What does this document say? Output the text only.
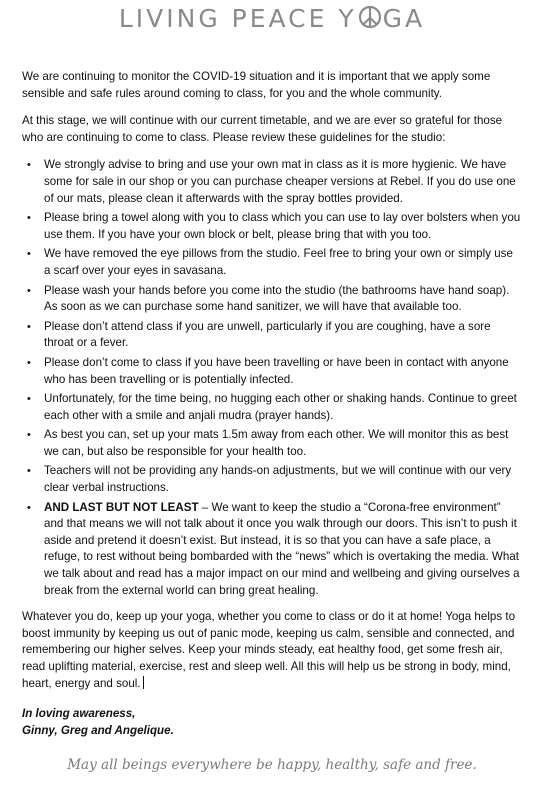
LIVING PEACE Y GA

We are continuing to monitor the COVID-19 situation and it is important that we apply some sensible and safe rules around coming to class, for you and the whole community.

At this stage, we will continue with our current timetable, and we are ever so grateful for those who are continuing to come to class. Please review these guidelines for the studio:

• We strongly advise to bring and use your own mat in class as it is more hygienic. We have some for sale in our shop or you can purchase cheaper versions at Rebel. If you do use one of our mats, please clean it afterwards with the spray bottles provided.
• Please bring a towel along with you to class which you can use to lay over bolsters when you use them. If you have your own block or belt, please bring that with you too.
• We have removed the eye pillows from the studio. Feel free to bring your own or simply use a scarf over your eyes in savasana.
• Please wash your hands before you come into the studio (the bathrooms have hand soap). As soon as we can purchase some hand sanitizer, we will have that available too.
• Please don’t attend class if you are unwell, particularly if you are coughing, have a sore throat or a fever.
• Please don’t come to class if you have been travelling or have been in contact with anyone who has been travelling or is potentially infected.
• Unfortunately, for the time being, no hugging each other or shaking hands. Continue to greet each other with a smile and anjali mudra (prayer hands).
• As best you can, set up your mats 1.5m away from each other. We will monitor this as best we can, but also be responsible for your health too.
• Teachers will not be providing any hands-on adjustments, but we will continue with our very clear verbal instructions.
• AND LAST BUT NOT LEAST – We want to keep the studio a “Corona-free environment” and that means we will not talk about it once you walk through our doors. This isn’t to push it aside and pretend it doesn’t exist. But instead, it is so that you can have a safe place, a refuge, to rest without being bombarded with the “news” which is overtaking the media. What we talk about and read has a major impact on our mind and wellbeing and giving ourselves a break from the external world can bring great healing.

Whatever you do, keep up your yoga, whether you come to class or do it at home! Yoga helps to boost immunity by keeping us out of panic mode, keeping us calm, sensible and connected, and remembering our higher selves. Keep your minds steady, eat healthy food, get some fresh air, read uplifting material, exercise, rest and sleep well. All this will help us be strong in body, mind, heart, energy and soul.

In loving awareness,
Ginny, Greg and Angelique.
May all beings everywhere be happy, healthy, safe and free.
